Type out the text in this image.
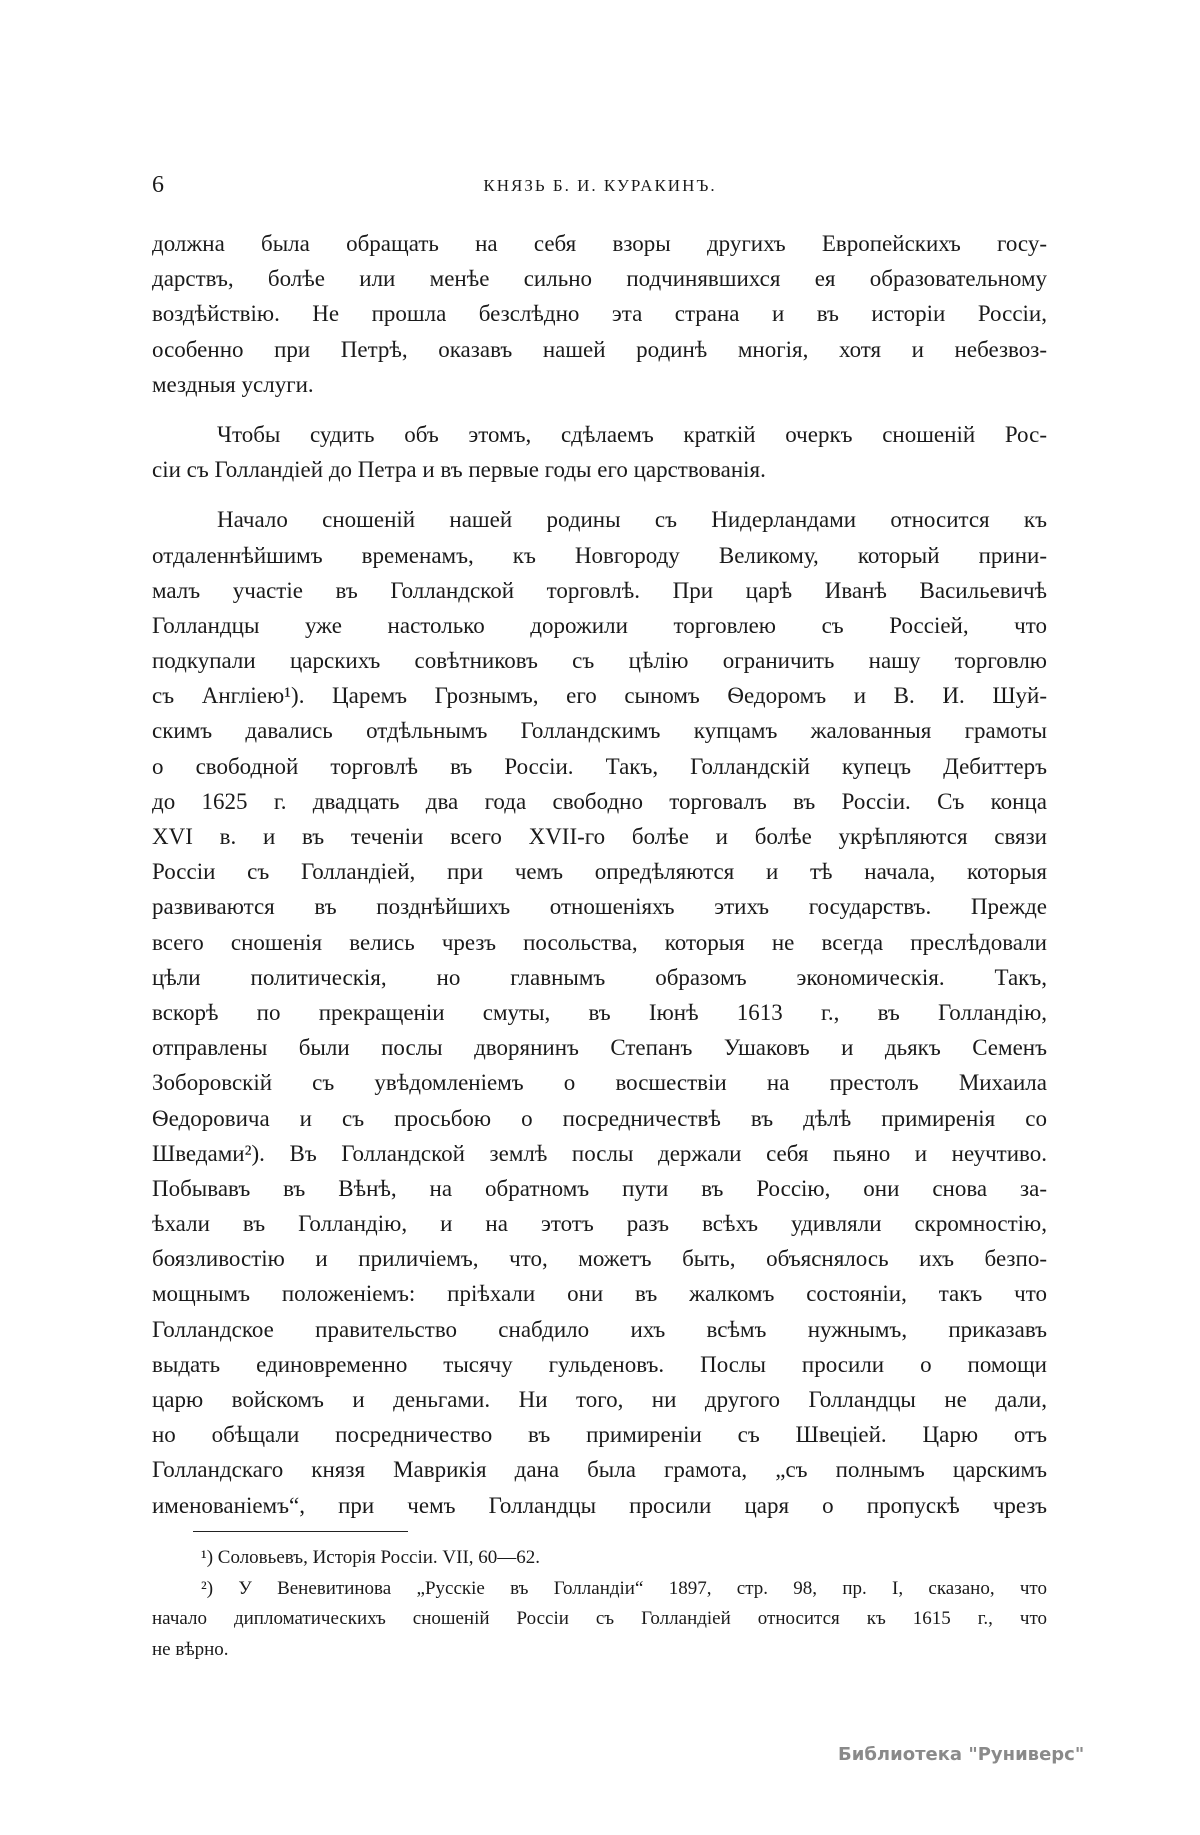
6	КНЯЗЬ Б. И. КУРАКИНЪ.
должна была обращать на себя взоры другихъ Европейскихъ госу-
дарствъ, болѣе или менѣе сильно подчинявшихся ея образовательному
воздѣйствiю. Не прошла безслѣдно эта страна и въ исторiи Россiи,
особенно при Петрѣ, оказавъ нашей родинѣ многiя, хотя и небезвоз-
мездныя услуги.
Чтобы судить объ этомъ, сдѣлаемъ краткiй очеркъ сношенiй Рос-
сiи съ Голландiей до Петра и въ первые годы его царствованiя.
Начало сношенiй нашей родины съ Нидерландами относится къ
отдаленнѣйшимъ временамъ, къ Новгороду Великому, который прини-
малъ участiе въ Голландской торговлѣ. При царѣ Иванѣ Васильевичѣ
Голландцы уже настолько дорожили торговлею съ Россiей, что
подкупали царскихъ совѣтниковъ съ цѣлiю ограничить нашу торговлю
съ Англiею¹). Царемъ Грознымъ, его сыномъ Ѳедоромъ и В. И. Шуй-
скимъ давались отдѣльнымъ Голландскимъ купцамъ жалованныя грамоты
о свободной торговлѣ въ Россiи. Такъ, Голландскiй купецъ Дебиттеръ
до 1625 г. двадцать два года свободно торговалъ въ Россiи. Съ конца
XVI в. и въ теченiи всего XVII-го болѣе и болѣе укрѣпляются связи
Россiи съ Голландiей, при чемъ опредѣляются и тѣ начала, которыя
развиваются въ позднѣйшихъ отношенiяхъ этихъ государствъ. Прежде
всего сношенiя велись чрезъ посольства, которыя не всегда преслѣдовали
цѣли политическiя, но главнымъ образомъ экономическiя. Такъ,
вскорѣ по прекращенiи смуты, въ Iюнѣ 1613 г., въ Голландiю,
отправлены были послы дворянинъ Степанъ Ушаковъ и дьякъ Семенъ
Зоборовскiй съ увѣдомленiемъ о восшествiи на престолъ Михаила
Ѳедоровича и съ просьбою о посредничествѣ въ дѣлѣ примиренiя со
Шведами²). Въ Голландской землѣ послы держали себя пьяно и неучтиво.
Побывавъ въ Вѣнѣ, на обратномъ пути въ Россiю, они снова за-
ѣхали въ Голландiю, и на этотъ разъ всѣхъ удивляли скромностiю,
боязливостiю и приличiемъ, что, можетъ быть, объяснялось ихъ безпо-
мощнымъ положенiемъ: прiѣхали они въ жалкомъ состоянiи, такъ что
Голландское правительство снабдило ихъ всѣмъ нужнымъ, приказавъ
выдать единовременно тысячу гульденовъ. Послы просили о помощи
царю войскомъ и деньгами. Ни того, ни другого Голландцы не дали,
но обѣщали посредничество въ примиренiи съ Швецiей. Царю отъ
Голландскаго князя Маврикiя дана была грамота, „съ полнымъ царскимъ
именованiемъ“, при чемъ Голландцы просили царя о пропускѣ чрезъ
¹) Соловьевъ, Исторiя Россiи. VII, 60—62.
²) У Веневитинова „Русскiе въ Голландiи“ 1897, стр. 98, пр. I, сказано, что
начало дипломатическихъ сношенiй Россiи съ Голландiей относится къ 1615 г., что
не вѣрно.
Библиотека "Руниверс"
